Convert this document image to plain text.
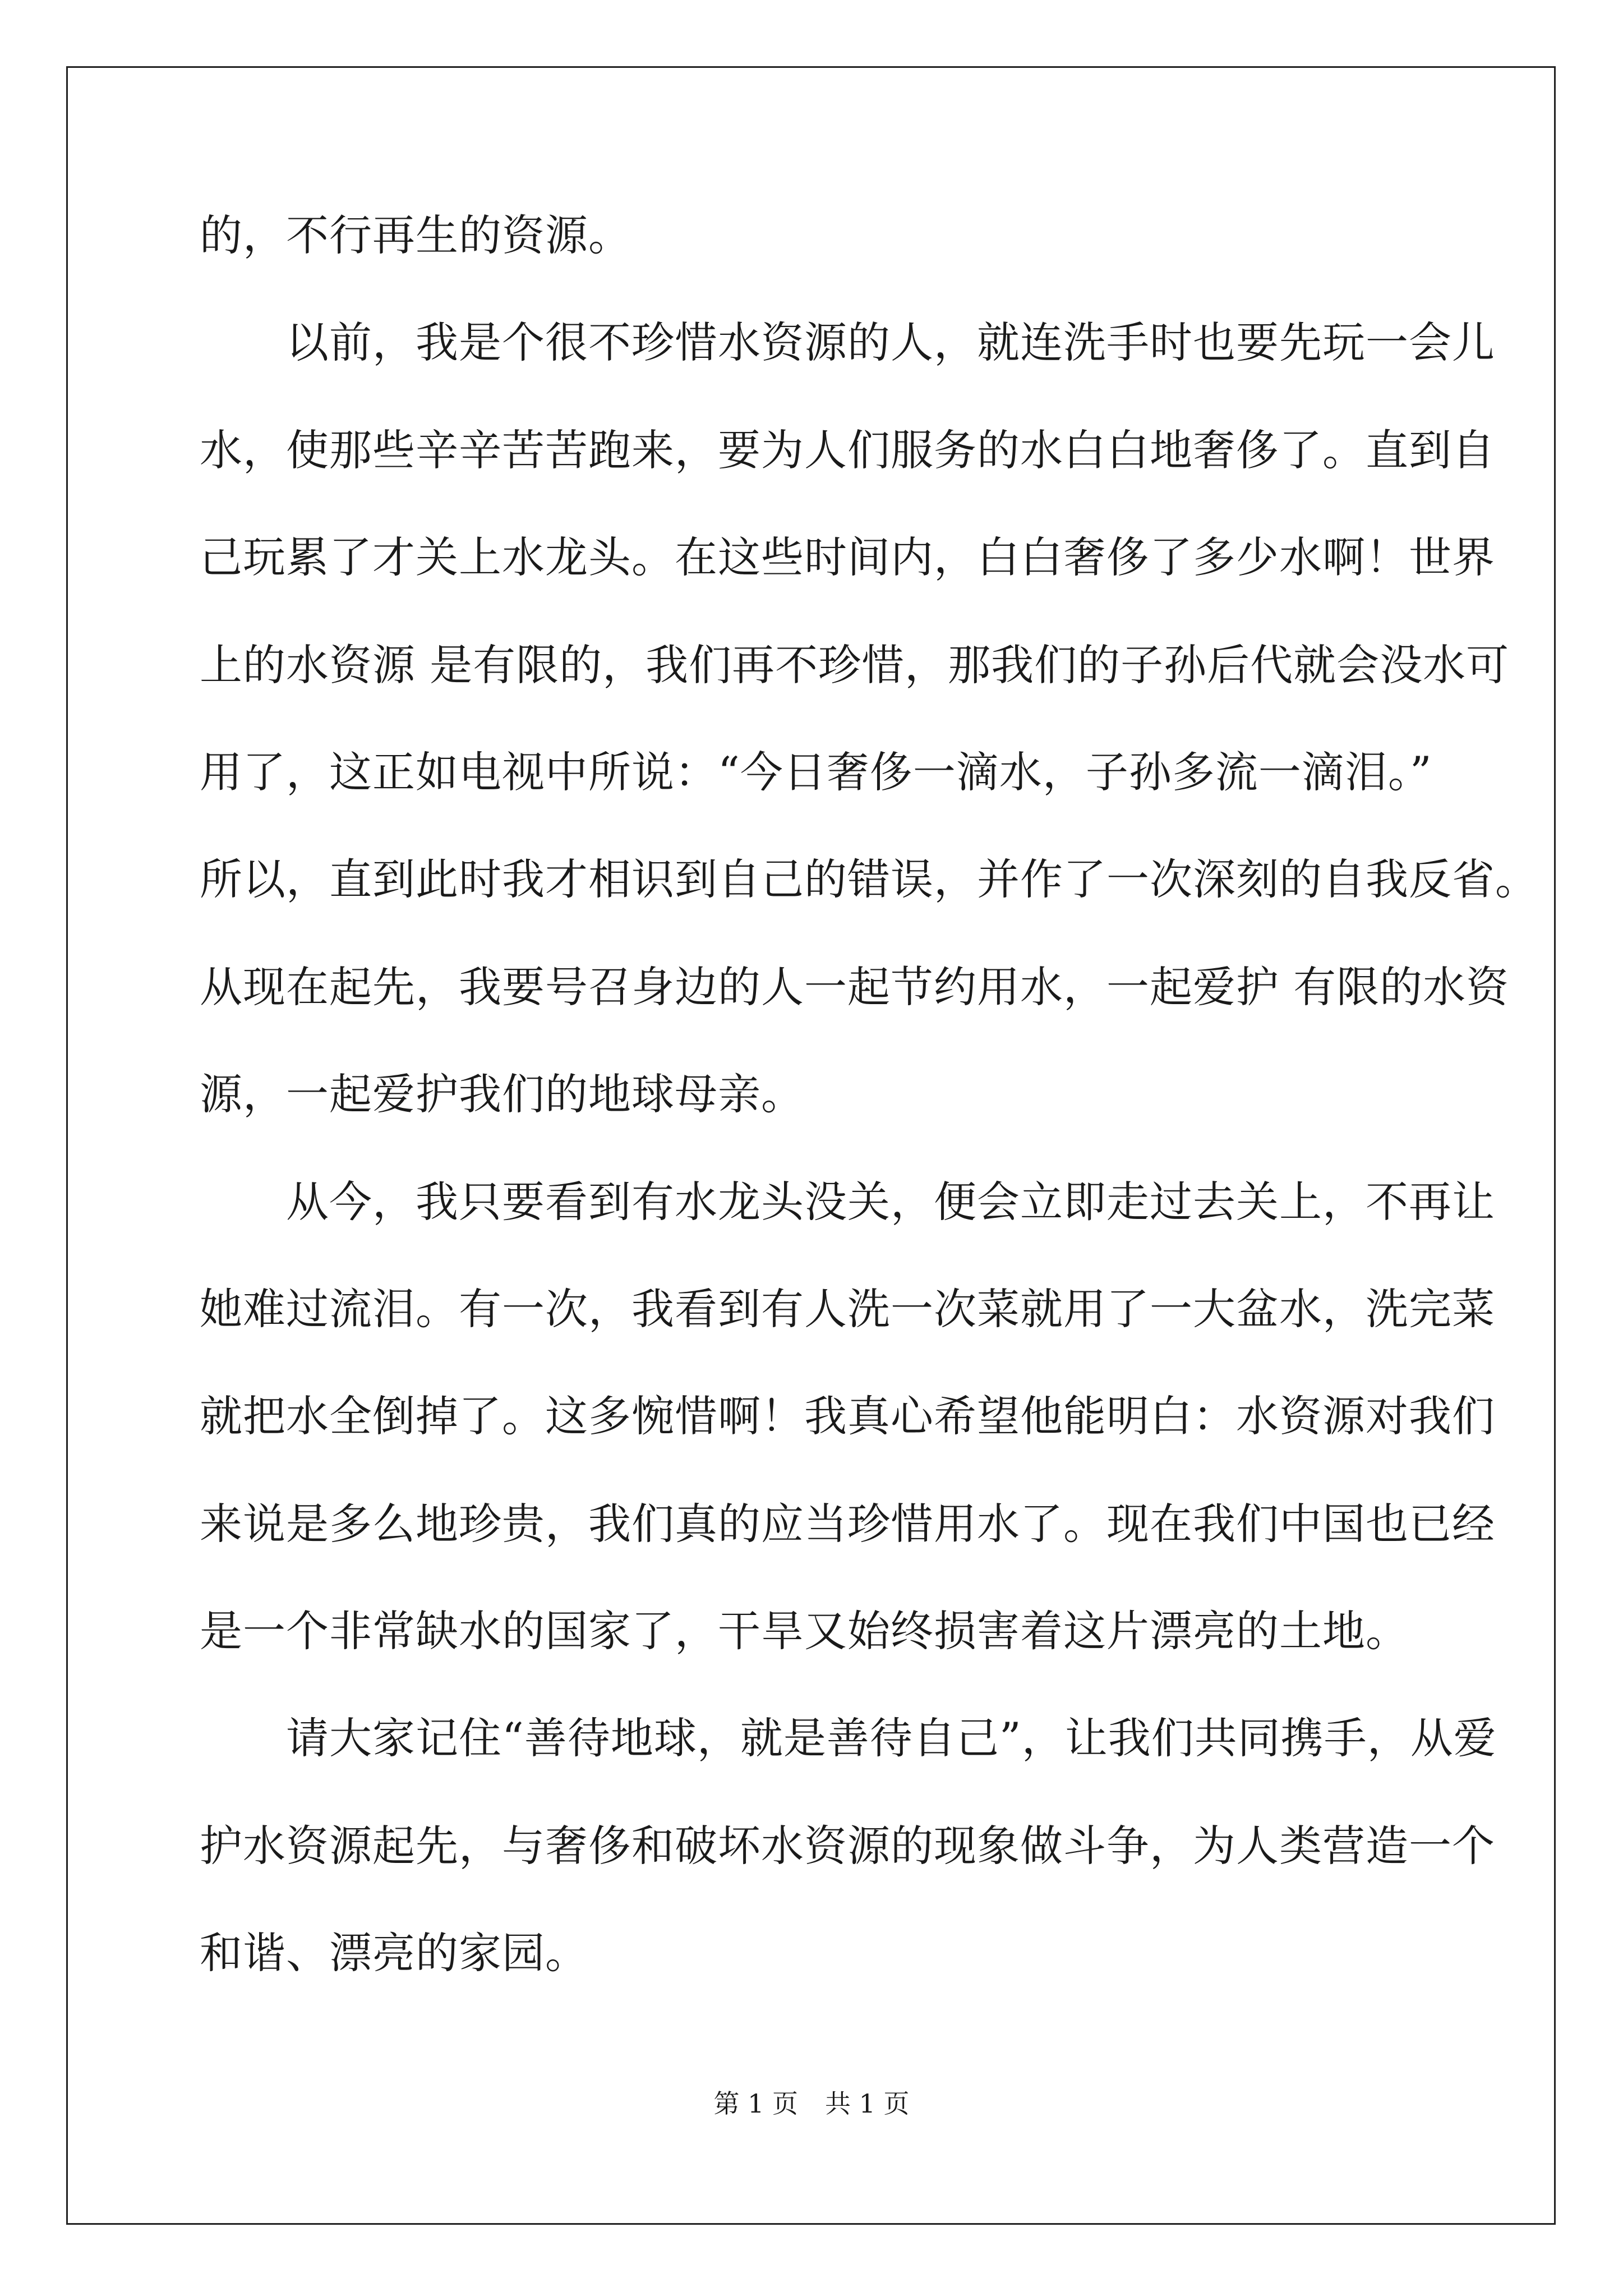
的，不行再生的资源。
　　以前，我是个很不珍惜水资源的人，就连洗手时也要先玩一会儿
水，使那些辛辛苦苦跑来，要为人们服务的水白白地奢侈了。直到自
己玩累了才关上水龙头。在这些时间内，白白奢侈了多少水啊！世界
上的水资源 是有限的，我们再不珍惜，那我们的子孙后代就会没水可
用了，这正如电视中所说：“今日奢侈一滴水，子孙多流一滴泪。”
所以，直到此时我才相识到自己的错误，并作了一次深刻的自我反省。
从现在起先，我要号召身边的人一起节约用水，一起爱护 有限的水资
源，一起爱护我们的地球母亲。
　　从今，我只要看到有水龙头没关，便会立即走过去关上，不再让
她难过流泪。有一次，我看到有人洗一次菜就用了一大盆水，洗完菜
就把水全倒掉了。这多惋惜啊！我真心希望他能明白：水资源对我们
来说是多么地珍贵，我们真的应当珍惜用水了。现在我们中国也已经
是一个非常缺水的国家了，干旱又始终损害着这片漂亮的土地。
　　请大家记住“善待地球，就是善待自己”，让我们共同携手，从爱
护水资源起先，与奢侈和破坏水资源的现象做斗争，为人类营造一个
和谐、漂亮的家园。
第 1 页 共 1 页
